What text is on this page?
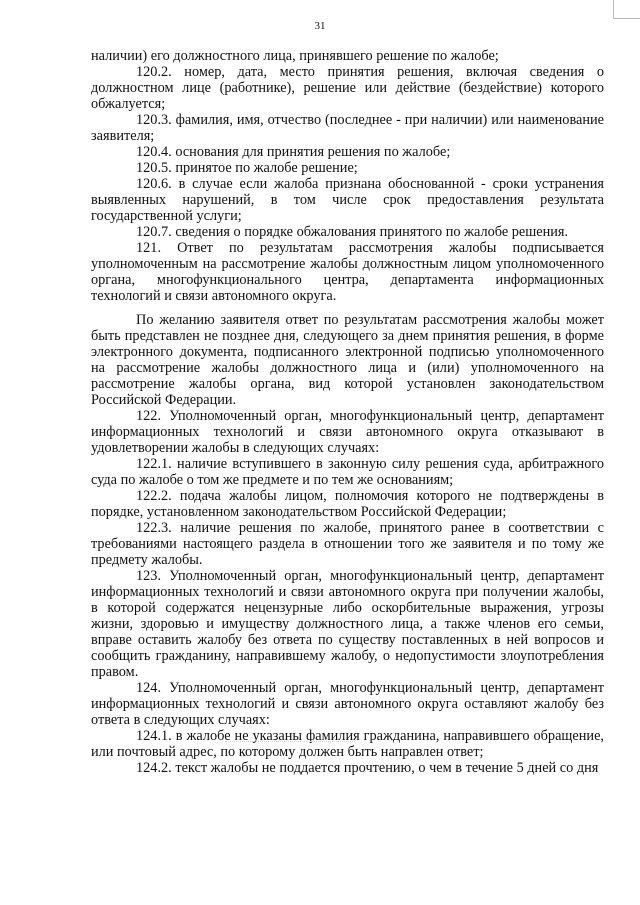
31

наличии) его должностного лица, принявшего решение по жалобе;

120.2. номер, дата, место принятия решения, включая сведения о должностном лице (работнике), решение или действие (бездействие) которого обжалуется;

120.3. фамилия, имя, отчество (последнее - при наличии) или наименование заявителя;

120.4. основания для принятия решения по жалобе;

120.5. принятое по жалобе решение;

120.6. в случае если жалоба признана обоснованной - сроки устранения выявленных нарушений, в том числе срок предоставления результата государственной услуги;

120.7. сведения о порядке обжалования принятого по жалобе решения.

121. Ответ по результатам рассмотрения жалобы подписывается уполномоченным на рассмотрение жалобы должностным лицом уполномоченного органа, многофункционального центра, департамента информационных технологий и связи автономного округа.

По желанию заявителя ответ по результатам рассмотрения жалобы может быть представлен не позднее дня, следующего за днем принятия решения, в форме электронного документа, подписанного электронной подписью уполномоченного на рассмотрение жалобы должностного лица и (или) уполномоченного на рассмотрение жалобы органа, вид которой установлен законодательством Российской Федерации.

122. Уполномоченный орган, многофункциональный центр, департамент информационных технологий и связи автономного округа отказывают в удовлетворении жалобы в следующих случаях:

122.1. наличие вступившего в законную силу решения суда, арбитражного суда по жалобе о том же предмете и по тем же основаниям;

122.2. подача жалобы лицом, полномочия которого не подтверждены в порядке, установленном законодательством Российской Федерации;

122.3. наличие решения по жалобе, принятого ранее в соответствии с требованиями настоящего раздела в отношении того же заявителя и по тому же предмету жалобы.

123. Уполномоченный орган, многофункциональный центр, департамент информационных технологий и связи автономного округа при получении жалобы, в которой содержатся нецензурные либо оскорбительные выражения, угрозы жизни, здоровью и имуществу должностного лица, а также членов его семьи, вправе оставить жалобу без ответа по существу поставленных в ней вопросов и сообщить гражданину, направившему жалобу, о недопустимости злоупотребления правом.

124. Уполномоченный орган, многофункциональный центр, департамент информационных технологий и связи автономного округа оставляют жалобу без ответа в следующих случаях:

124.1. в жалобе не указаны фамилия гражданина, направившего обращение, или почтовый адрес, по которому должен быть направлен ответ;

124.2. текст жалобы не поддается прочтению, о чем в течение 5 дней со дня
